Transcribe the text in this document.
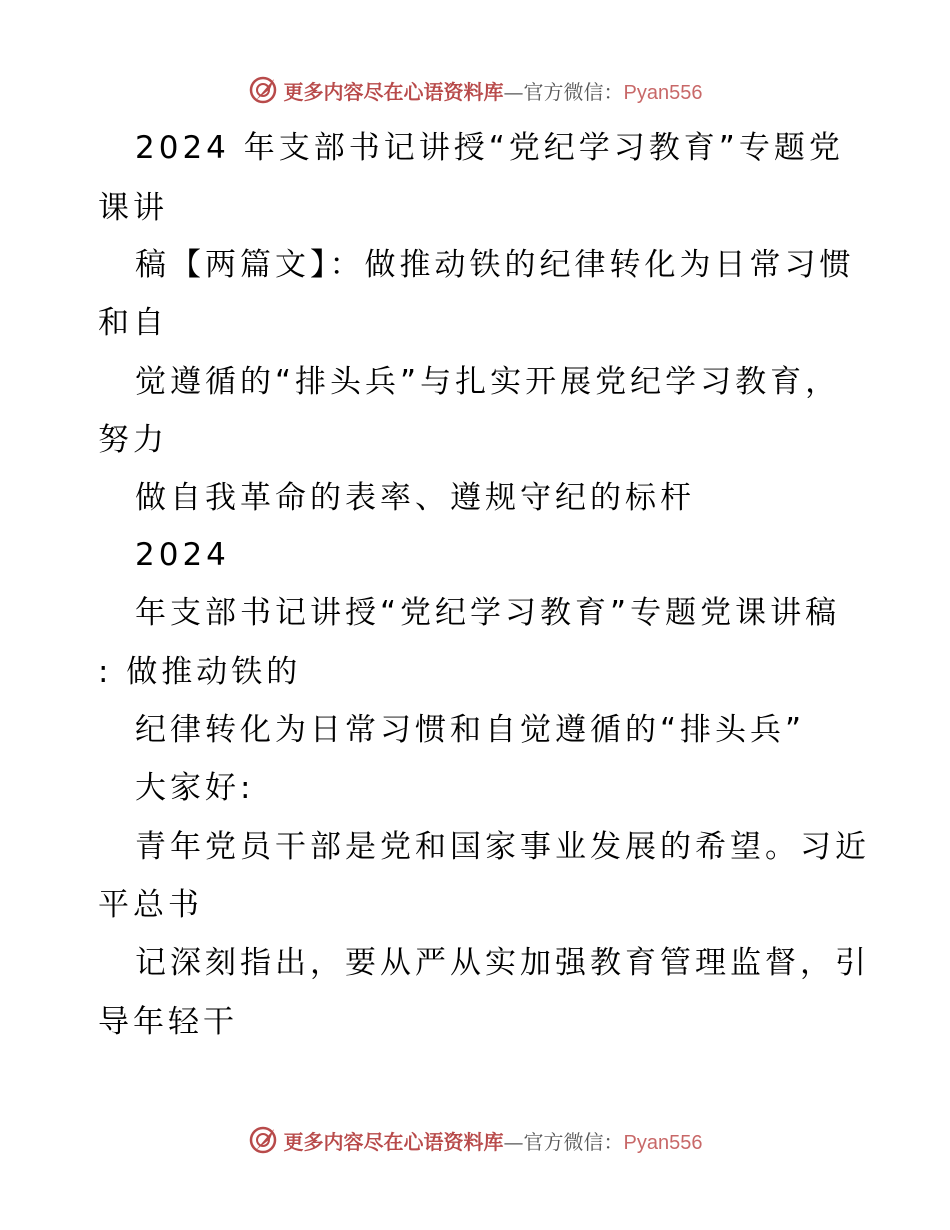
更多内容尽在心语资料库—官方微信：Pyan556
2024 年支部书记讲授“党纪学习教育”专题党
课讲
稿【两篇文】：做推动铁的纪律转化为日常习惯
和自
觉遵循的“排头兵”与扎实开展党纪学习教育，
努力
做自我革命的表率、遵规守纪的标杆
2024
年支部书记讲授“党纪学习教育”专题党课讲稿
: 做推动铁的
纪律转化为日常习惯和自觉遵循的“排头兵”
大家好:
青年党员干部是党和国家事业发展的希望。习近
平总书
记深刻指出，要从严从实加强教育管理监督，引
导年轻干
更多内容尽在心语资料库—官方微信：Pyan556
